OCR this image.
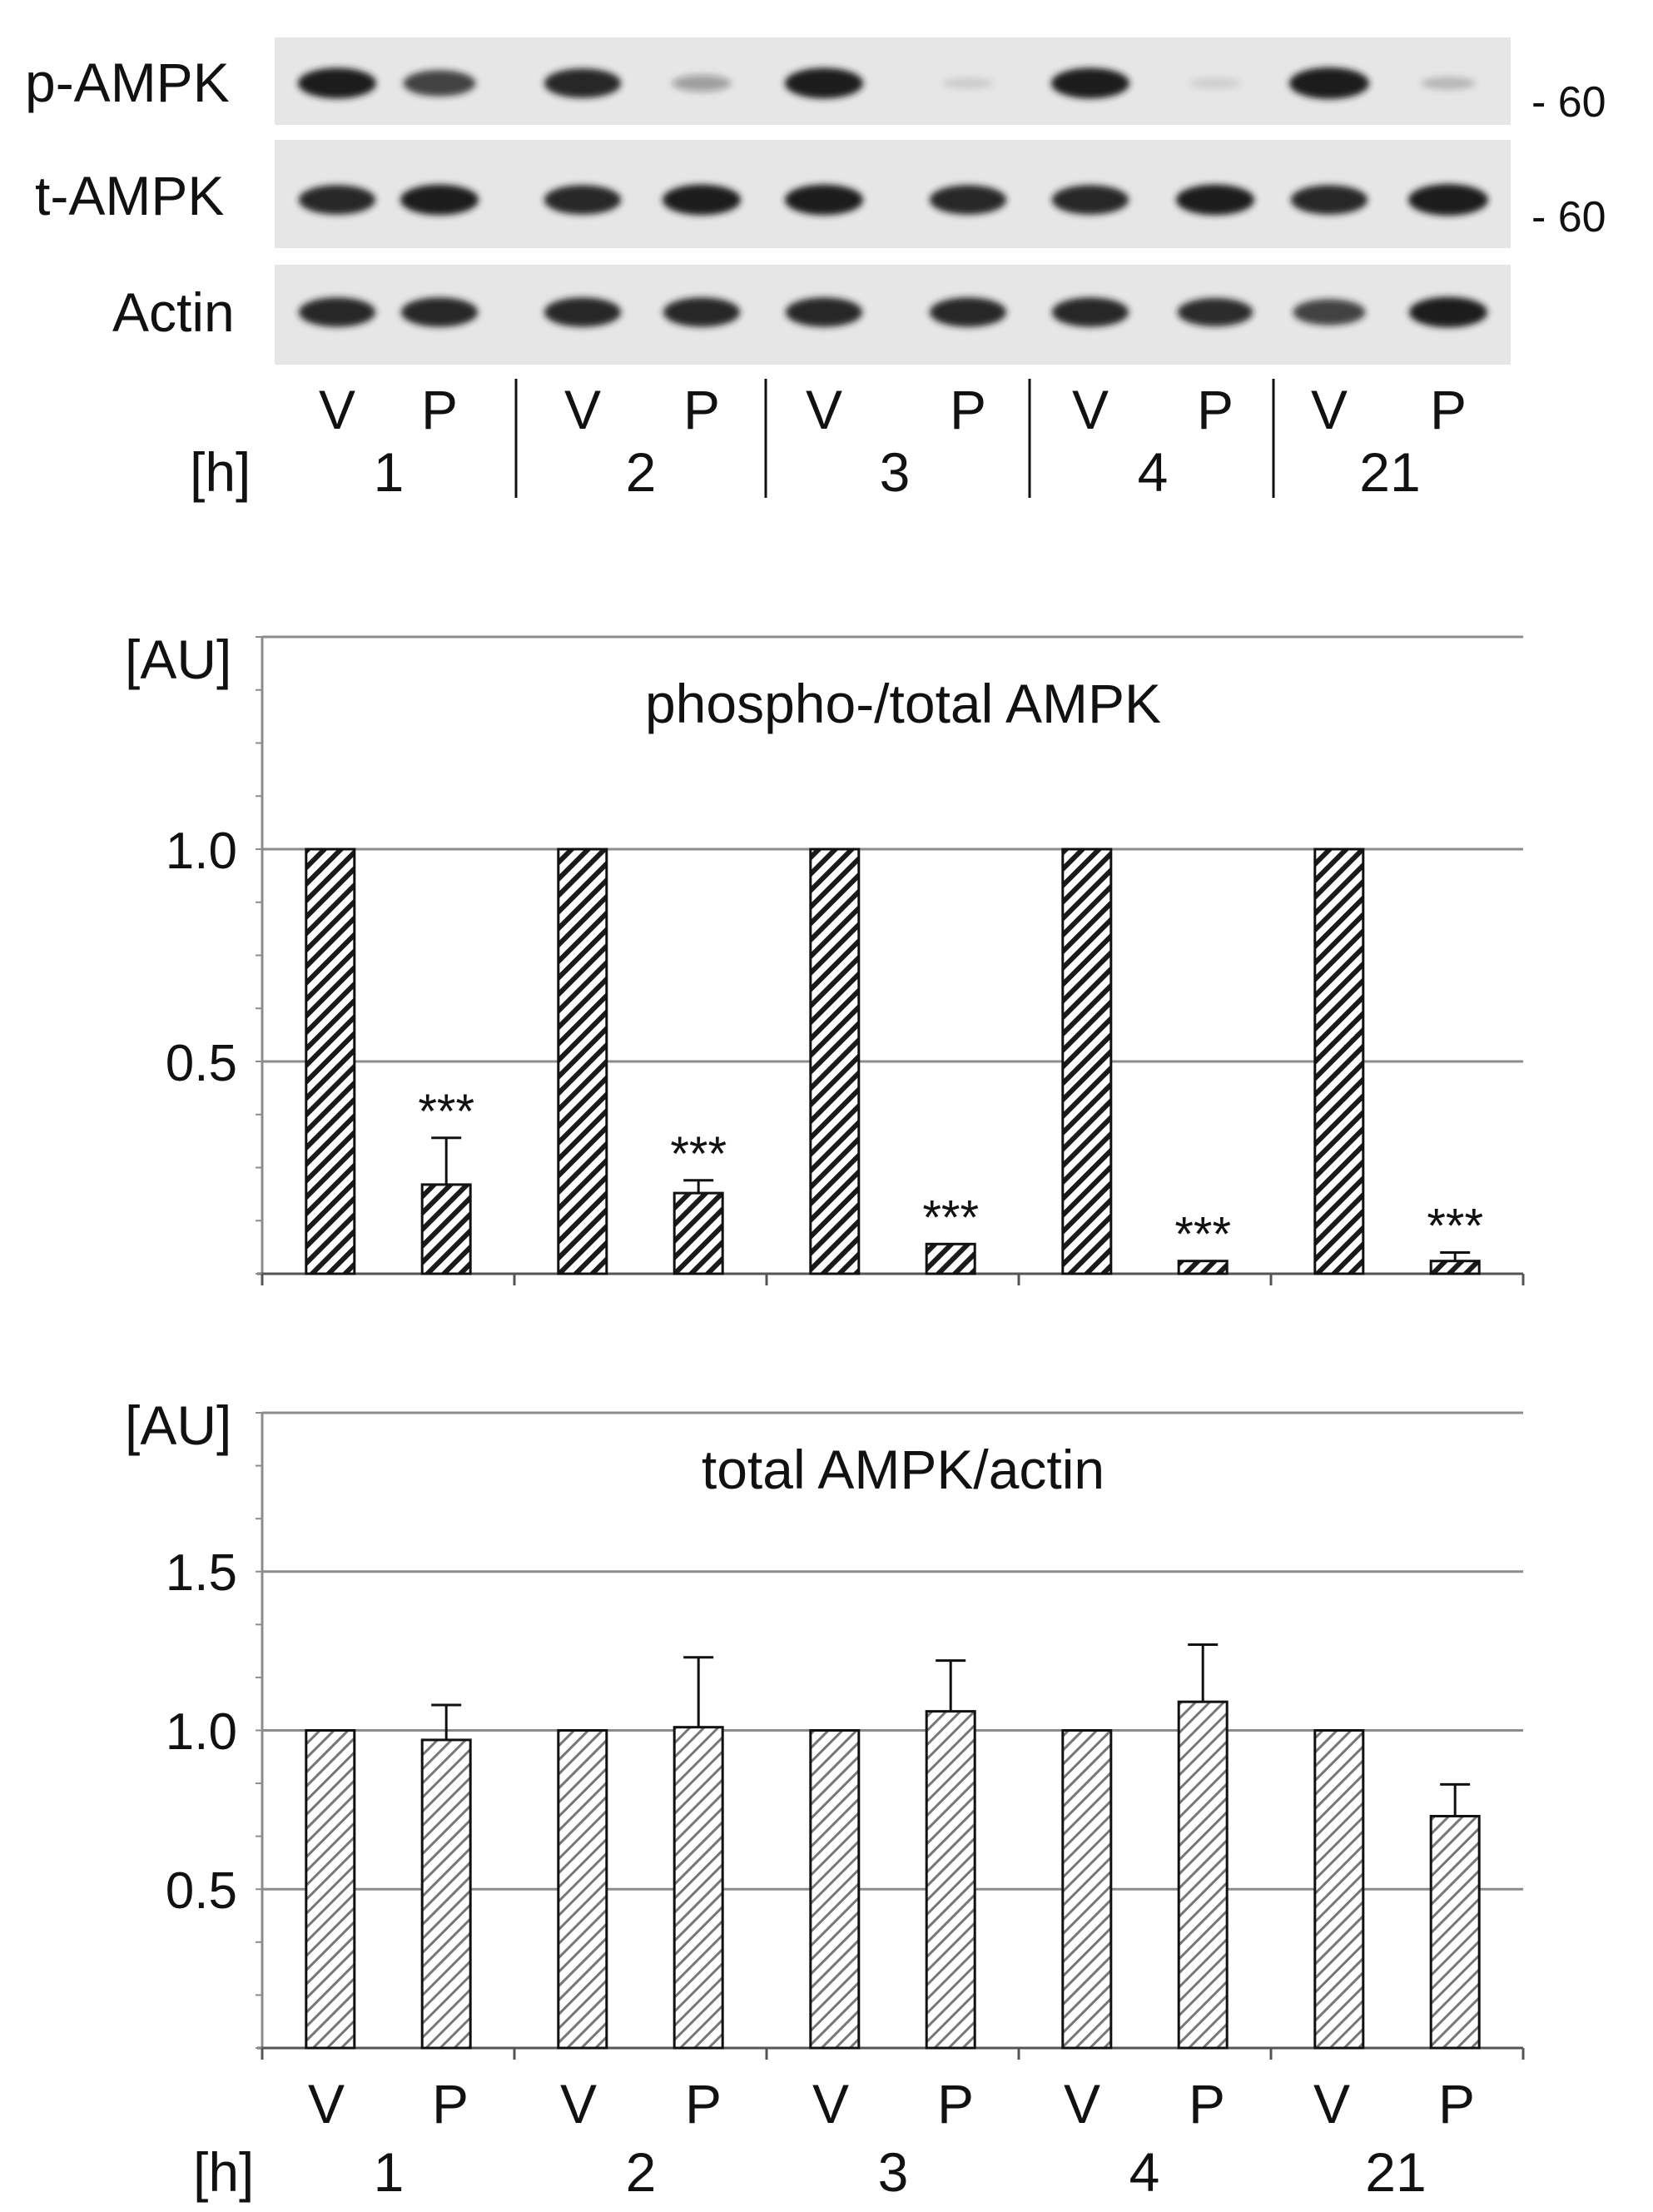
p-AMPK	- 60
t-AMPK	- 60
Actin
V P V P V P V P V P
[h] 1	2	3	4	21
[AU]
phospho-/total AMPK
0.5
1.0
***
***
***	***	***
[AU]
total AMPK/actin
0.5
1.0
1.5
V P V P V P V P V P
[h] 1	2	3	4	21
